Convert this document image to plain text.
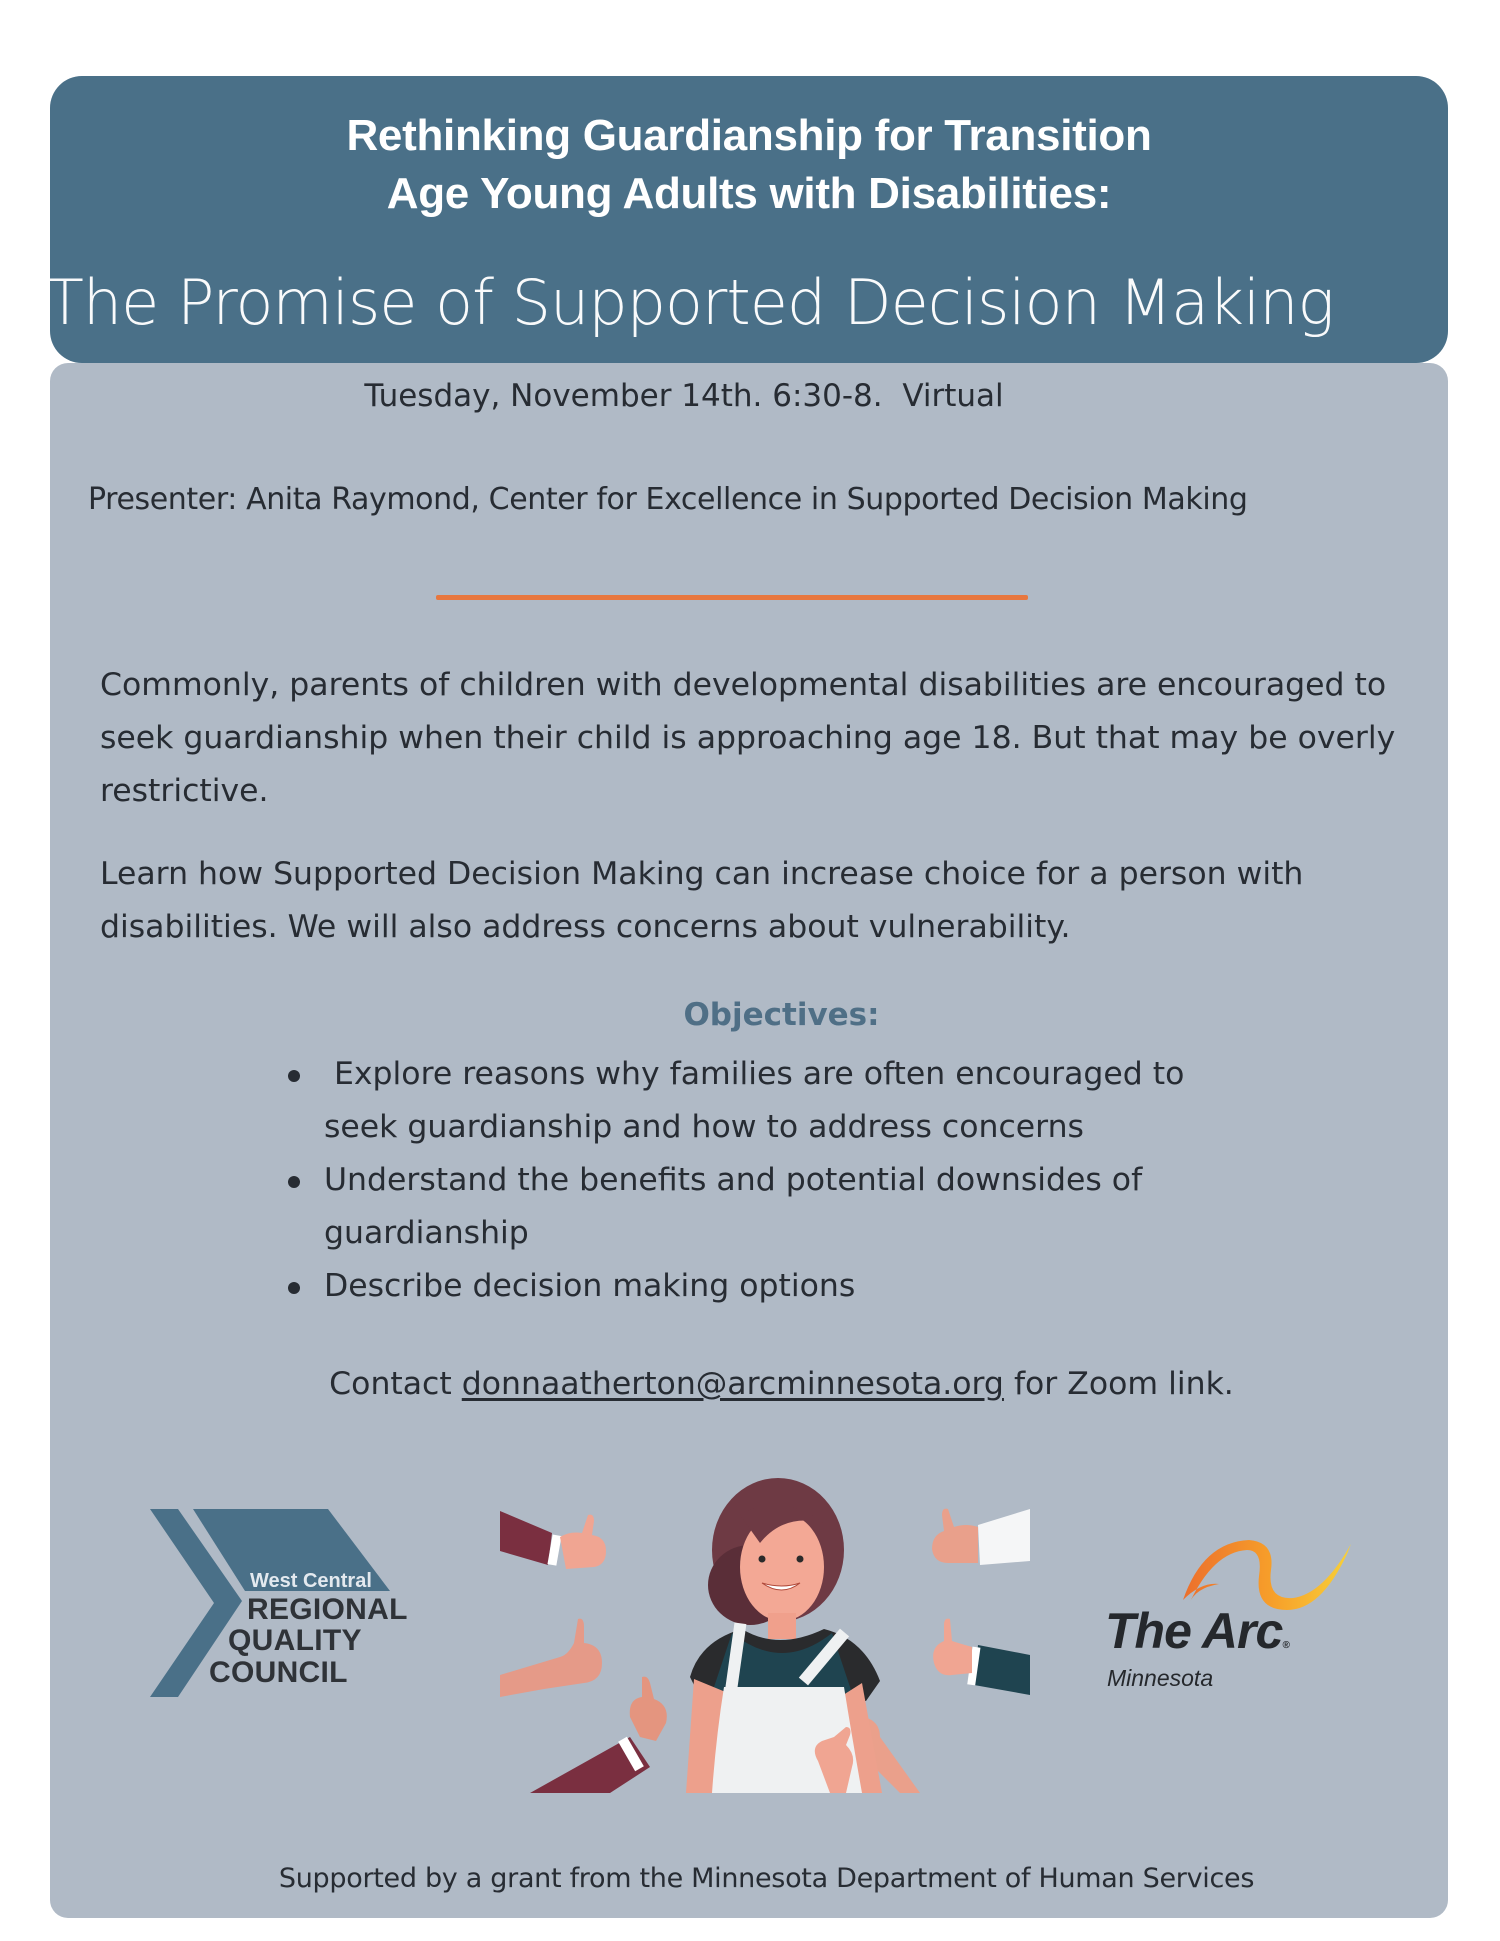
Rethinking Guardianship for Transition
Age Young Adults with Disabilities:
The Promise of Supported Decision Making
Tuesday, November 14th. 6:30-8.  Virtual
Presenter: Anita Raymond, Center for Excellence in Supported Decision Making
Commonly, parents of children with developmental disabilities are encouraged to seek guardianship when their child is approaching age 18. But that may be overly restrictive.
Learn how Supported Decision Making can increase choice for a person with disabilities. We will also address concerns about vulnerability.
Objectives:
Explore reasons why families are often encouraged to seek guardianship and how to address concerns
Understand the benefits and potential downsides of guardianship
Describe decision making options
Contact donnaatherton@arcminnesota.org for Zoom link.
West Central
REGIONAL
QUALITY
COUNCIL
The Arc®
Minnesota
Supported by a grant from the Minnesota Department of Human Services
